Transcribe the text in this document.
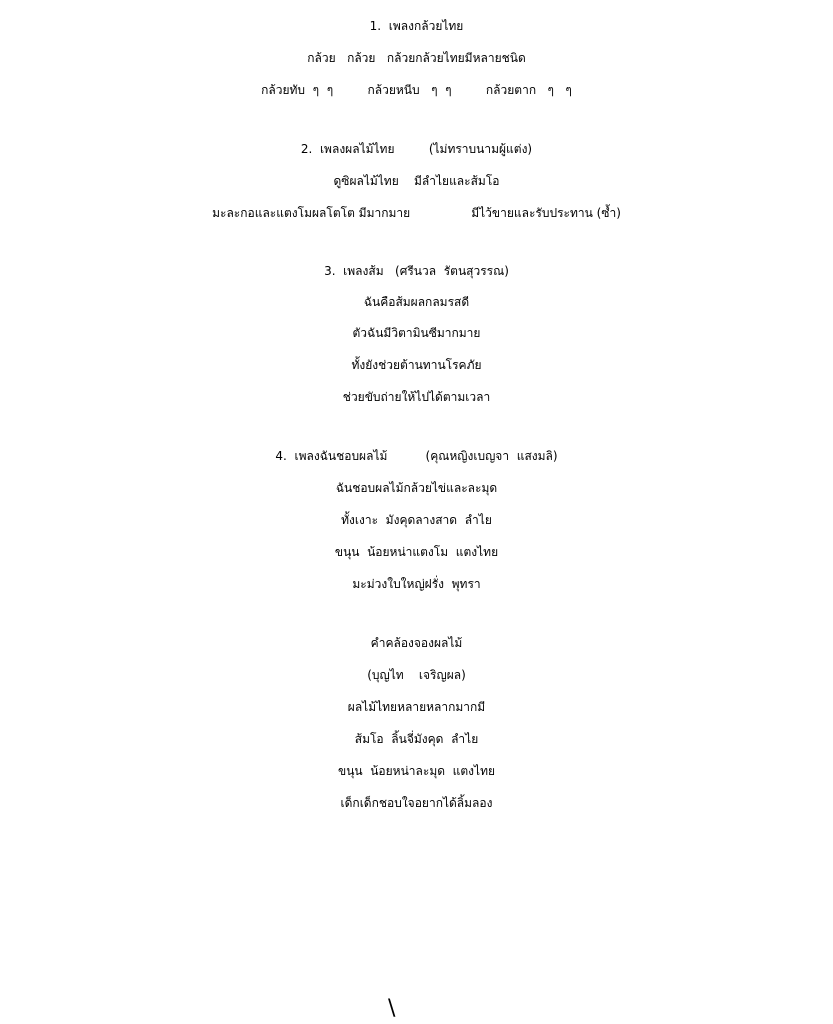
1.  เพลงกล้วยไทย
กล้วย   กล้วย   กล้วยกล้วยไทยมีหลายชนิด
กล้วยทับ  ๆ  ๆ         กล้วยหนีบ   ๆ  ๆ         กล้วยตาก   ๆ   ๆ
2.  เพลงผลไม้ไทย         (ไม่ทราบนามผู้แต่ง)
ดูซิผลไม้ไทย    มีลำไยและส้มโอ
มะละกอและแตงโมผลโตโต มีมากมาย                มีไว้ขายและรับประทาน (ซ้ำ)
3.  เพลงส้ม   (ศรีนวล  รัตนสุวรรณ)
ฉันคือส้มผลกลมรสดี
ตัวฉันมีวิตามินซีมากมาย
ทั้งยังช่วยต้านทานโรคภัย
ช่วยขับถ่ายให้ไปได้ตามเวลา
4.  เพลงฉันชอบผลไม้          (คุณหญิงเบญจา  แสงมลิ)
ฉันชอบผลไม้กล้วยไข่และละมุด
ทั้งเงาะ  มังคุดลางสาด  ลำไย
ขนุน  น้อยหน่าแตงโม  แตงไทย
มะม่วงใบใหญ่ฝรั่ง  พุทรา
คำคล้องจองผลไม้
(บุญไท    เจริญผล)
ผลไม้ไทยหลายหลากมากมี
ส้มโอ  ลิ้นจี่มังคุด  ลำไย
ขนุน  น้อยหน่าละมุด  แตงไทย
เด็กเด็กชอบใจอยากได้ลิ้มลอง
\
